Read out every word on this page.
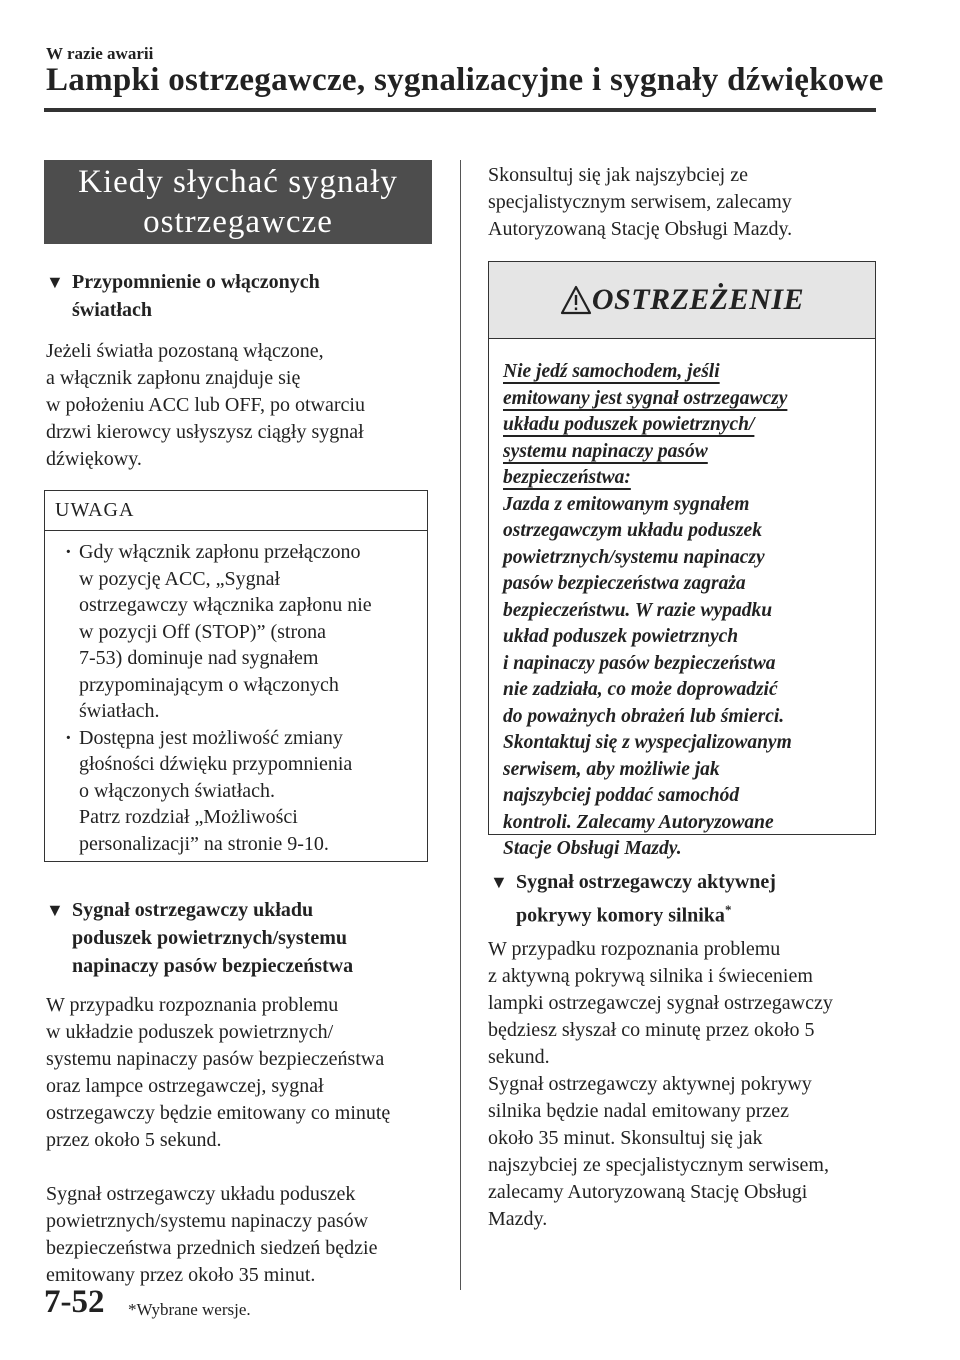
W razie awarii
Lampki ostrzegawcze, sygnalizacyjne i sygnały dźwiękowe
Kiedy słychać sygnały
ostrzegawcze
▼ Przypomnienie o włączonych
światłach
Jeżeli światła pozostaną włączone,
a włącznik zapłonu znajduje się
w położeniu ACC lub OFF, po otwarciu
drzwi kierowcy usłyszysz ciągły sygnał
dźwiękowy.
UWAGA
· Gdy włącznik zapłonu przełączono
w pozycję ACC, „Sygnał
ostrzegawczy włącznika zapłonu nie
w pozycji Off (STOP)” (strona
7-53) dominuje nad sygnałem
przypominającym o włączonych
światłach.
· Dostępna jest możliwość zmiany
głośności dźwięku przypomnienia
o włączonych światłach.
Patrz rozdział „Możliwości
personalizacji” na stronie 9-10.
▼ Sygnał ostrzegawczy układu
poduszek powietrznych/systemu
napinaczy pasów bezpieczeństwa
W przypadku rozpoznania problemu
w układzie poduszek powietrznych/
systemu napinaczy pasów bezpieczeństwa
oraz lampce ostrzegawczej, sygnał
ostrzegawczy będzie emitowany co minutę
przez około 5 sekund.
Sygnał ostrzegawczy układu poduszek
powietrznych/systemu napinaczy pasów
bezpieczeństwa przednich siedzeń będzie
emitowany przez około 35 minut.
Skonsultuj się jak najszybciej ze
specjalistycznym serwisem, zalecamy
Autoryzowaną Stację Obsługi Mazdy.
OSTRZEŻENIE
Nie jedź samochodem, jeśli
emitowany jest sygnał ostrzegawczy
układu poduszek powietrznych/
systemu napinaczy pasów
bezpieczeństwa:
Jazda z emitowanym sygnałem
ostrzegawczym układu poduszek
powietrznych/systemu napinaczy
pasów bezpieczeństwa zagraża
bezpieczeństwu. W razie wypadku
układ poduszek powietrznych
i napinaczy pasów bezpieczeństwa
nie zadziała, co może doprowadzić
do poważnych obrażeń lub śmierci.
Skontaktuj się z wyspecjalizowanym
serwisem, aby możliwie jak
najszybciej poddać samochód
kontroli. Zalecamy Autoryzowane
Stacje Obsługi Mazdy.
▼ Sygnał ostrzegawczy aktywnej
pokrywy komory silnika*
W przypadku rozpoznania problemu
z aktywną pokrywą silnika i świeceniem
lampki ostrzegawczej sygnał ostrzegawczy
będziesz słyszał co minutę przez około 5
sekund.
Sygnał ostrzegawczy aktywnej pokrywy
silnika będzie nadal emitowany przez
około 35 minut. Skonsultuj się jak
najszybciej ze specjalistycznym serwisem,
zalecamy Autoryzowaną Stację Obsługi
Mazdy.
7-52 *Wybrane wersje.
